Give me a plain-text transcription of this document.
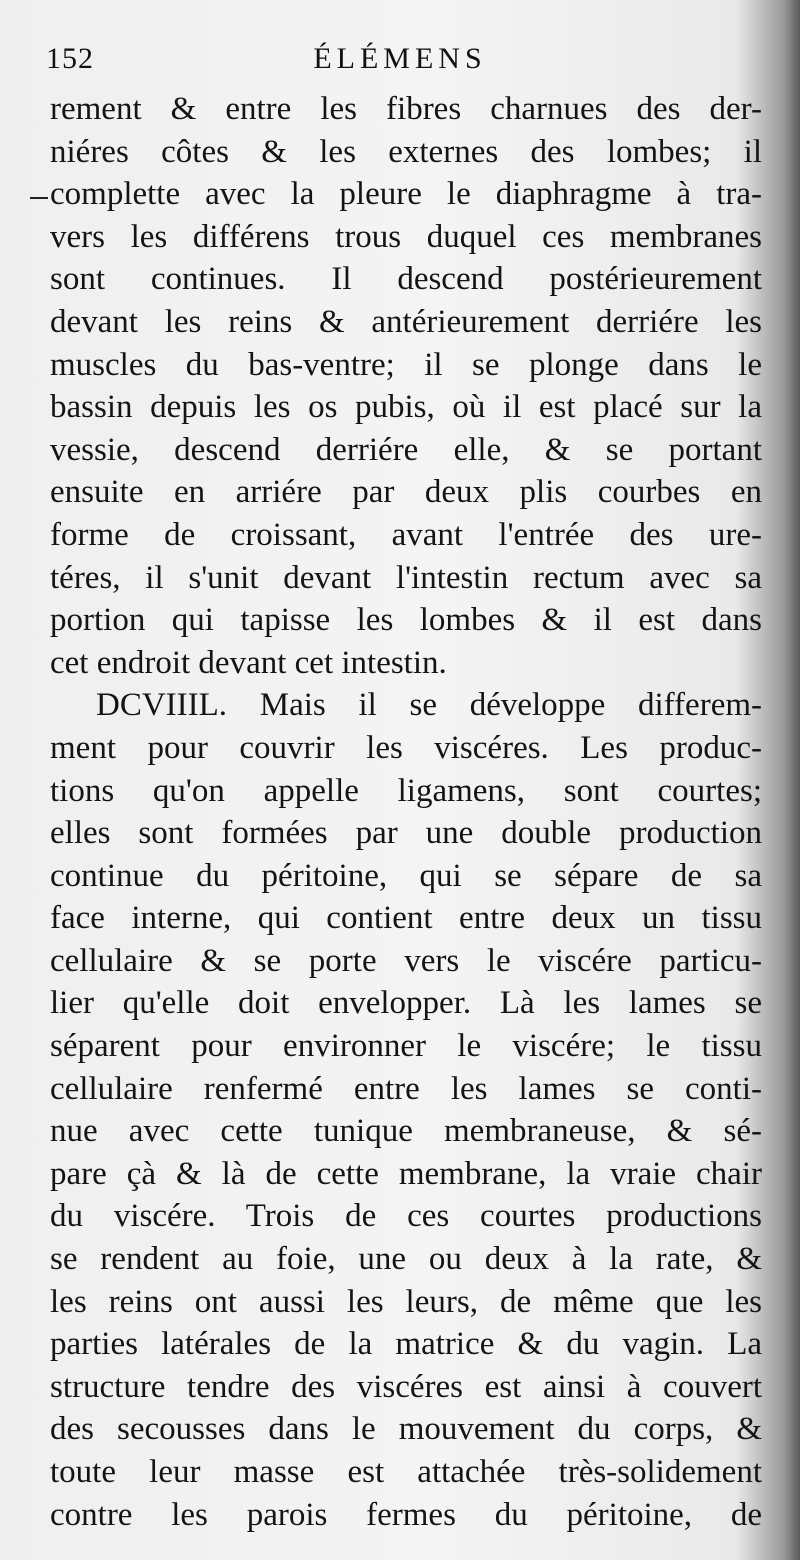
152	ÉLÉMENS
rement & entre les fibres charnues des der-
niéres côtes & les externes des lombes; il
complette avec la pleure le diaphragme à tra-
vers les différens trous duquel ces membranes
sont continues. Il descend postérieurement
devant les reins & antérieurement derriére les
muscles du bas-ventre; il se plonge dans le
bassin depuis les os pubis, où il est placé sur la
vessie, descend derriére elle, & se portant
ensuite en arriére par deux plis courbes en
forme de croissant, avant l'entrée des ure-
téres, il s'unit devant l'intestin rectum avec sa
portion qui tapisse les lombes & il est dans
cet endroit devant cet intestin.
DCVIIIL. Mais il se développe differem-
ment pour couvrir les viscéres. Les produc-
tions qu'on appelle ligamens, sont courtes;
elles sont formées par une double production
continue du péritoine, qui se sépare de sa
face interne, qui contient entre deux un tissu
cellulaire & se porte vers le viscére particu-
lier qu'elle doit envelopper. Là les lames se
séparent pour environner le viscére; le tissu
cellulaire renfermé entre les lames se conti-
nue avec cette tunique membraneuse, & sé-
pare çà & là de cette membrane, la vraie chair
du viscére. Trois de ces courtes productions
se rendent au foie, une ou deux à la rate, &
les reins ont aussi les leurs, de même que les
parties latérales de la matrice & du vagin. La
structure tendre des viscéres est ainsi à couvert
des secousses dans le mouvement du corps, &
toute leur masse est attachée très-solidement
contre les parois fermes du péritoine, de
